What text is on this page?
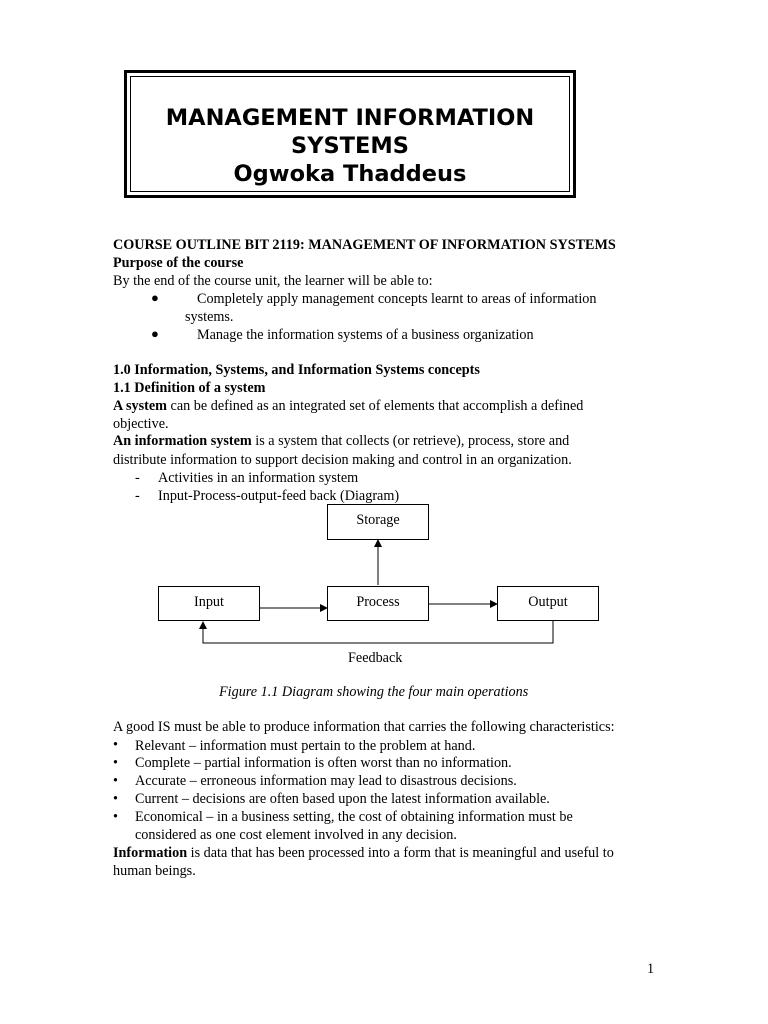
MANAGEMENT INFORMATION
SYSTEMS
Ogwoka Thaddeus
COURSE OUTLINE BIT 2119: MANAGEMENT OF INFORMATION SYSTEMS
Purpose of the course
By the end of the course unit, the learner will be able to:
●	Completely apply management concepts learnt to areas of information
systems.
●	Manage the information systems of a business organization
1.0 Information, Systems, and Information Systems concepts
1.1 Definition of a system
A system can be defined as an integrated set of elements that accomplish a defined
objective.
An information system is a system that collects (or retrieve), process, store and
distribute information to support decision making and control in an organization.
- Activities in an information system
- Input-Process-output-feed back (Diagram)
Storage
Input	Process	Output
Feedback
Figure 1.1 Diagram showing the four main operations
A good IS must be able to produce information that carries the following characteristics:
• Relevant – information must pertain to the problem at hand.
• Complete – partial information is often worst than no information.
• Accurate – erroneous information may lead to disastrous decisions.
• Current – decisions are often based upon the latest information available.
• Economical – in a business setting, the cost of obtaining information must be
considered as one cost element involved in any decision.
Information is data that has been processed into a form that is meaningful and useful to
human beings.
1
